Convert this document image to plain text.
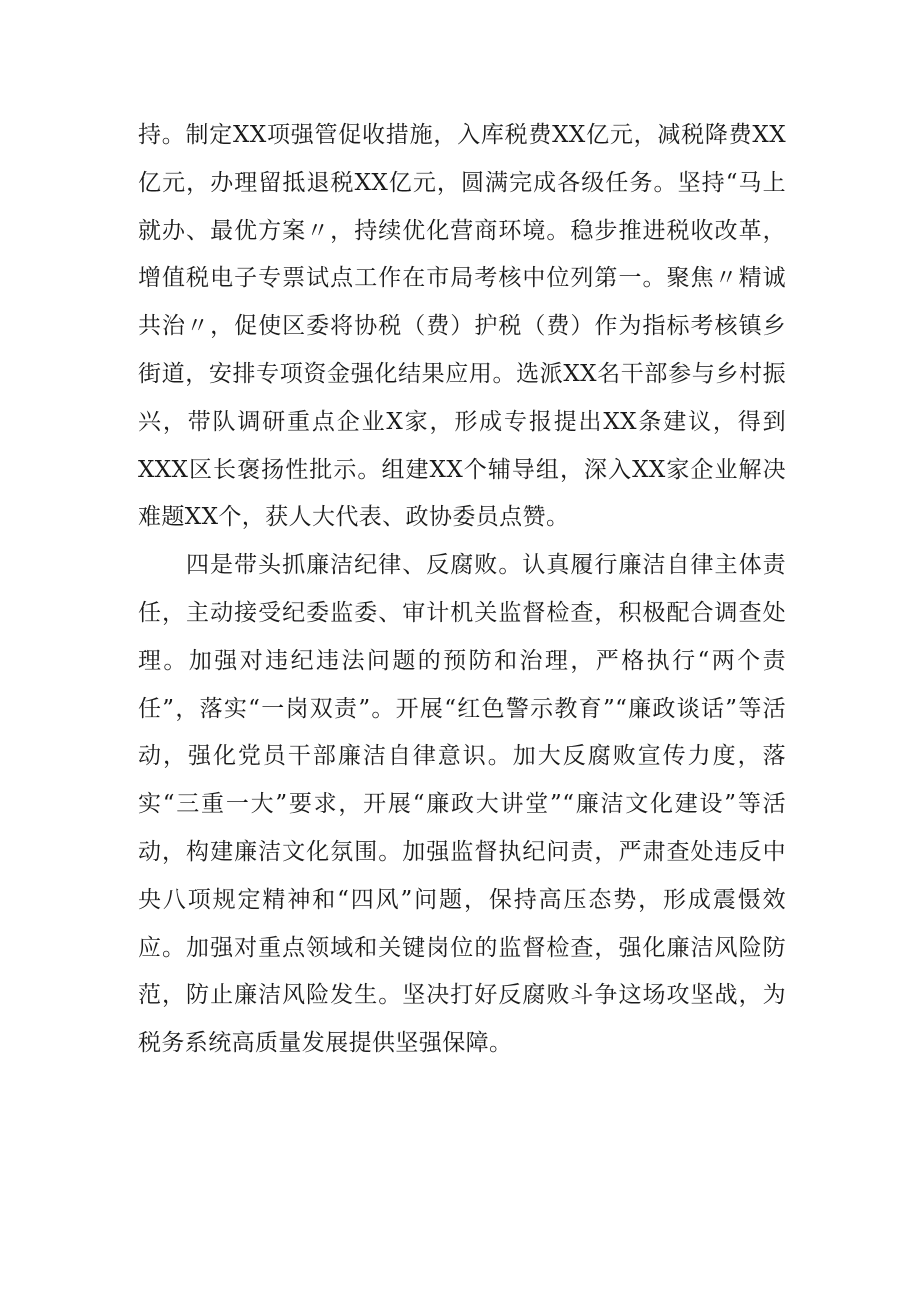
持。制定XX项强管促收措施，入库税费XX亿元，减税降费XX亿元，办理留抵退税XX亿元，圆满完成各级任务。坚持“马上就办、最优方案〃，持续优化营商环境。稳步推进税收改革，增值税电子专票试点工作在市局考核中位列第一。聚焦〃精诚共治〃，促使区委将协税（费）护税（费）作为指标考核镇乡街道，安排专项资金强化结果应用。选派XX名干部参与乡村振兴，带队调研重点企业X家，形成专报提出XX条建议，得到XXX区长褒扬性批示。组建XX个辅导组，深入XX家企业解决难题XX个，获人大代表、政协委员点赞。

四是带头抓廉洁纪律、反腐败。认真履行廉洁自律主体责任，主动接受纪委监委、审计机关监督检查，积极配合调查处理。加强对违纪违法问题的预防和治理，严格执行“两个责任”，落实“一岗双责”。开展“红色警示教育”“廉政谈话”等活动，强化党员干部廉洁自律意识。加大反腐败宣传力度，落实“三重一大”要求，开展“廉政大讲堂”“廉洁文化建设”等活动，构建廉洁文化氛围。加强监督执纪问责，严肃查处违反中央八项规定精神和“四风”问题，保持高压态势，形成震慑效应。加强对重点领域和关键岗位的监督检查，强化廉洁风险防范，防止廉洁风险发生。坚决打好反腐败斗争这场攻坚战，为税务系统高质量发展提供坚强保障。
